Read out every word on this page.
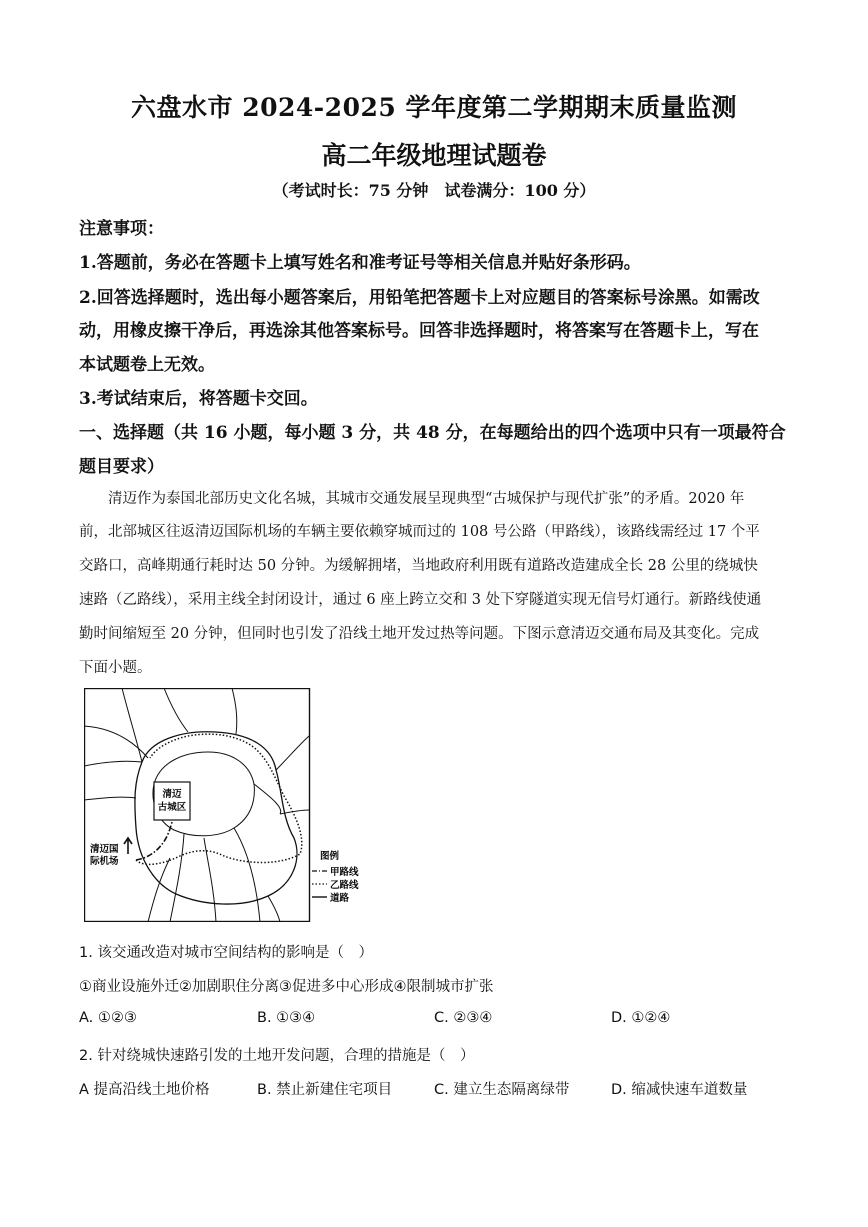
六盘水市 2024-2025 学年度第二学期期末质量监测
高二年级地理试题卷
（考试时长：75 分钟　试卷满分：100 分）
注意事项：
1.答题前，务必在答题卡上填写姓名和准考证号等相关信息并贴好条形码。
2.回答选择题时，选出每小题答案后，用铅笔把答题卡上对应题目的答案标号涂黑。如需改
动，用橡皮擦干净后，再选涂其他答案标号。回答非选择题时，将答案写在答题卡上，写在
本试题卷上无效。
3.考试结束后，将答题卡交回。
一、选择题（共 16 小题，每小题 3 分，共 48 分，在每题给出的四个选项中只有一项最符合
题目要求）
　　清迈作为泰国北部历史文化名城，其城市交通发展呈现典型“古城保护与现代扩张”的矛盾。2020 年
前，北部城区往返清迈国际机场的车辆主要依赖穿城而过的 108 号公路（甲路线），该路线需经过 17 个平
交路口，高峰期通行耗时达 50 分钟。为缓解拥堵，当地政府利用既有道路改造建成全长 28 公里的绕城快
速路（乙路线），采用主线全封闭设计，通过 6 座上跨立交和 3 处下穿隧道实现无信号灯通行。新路线使通
勤时间缩短至 20 分钟，但同时也引发了沿线土地开发过热等问题。下图示意清迈交通布局及其变化。完成
下面小题。
清迈
古城区
清迈国
际机场	图例
甲路线
乙路线
道路
1. 该交通改造对城市空间结构的影响是（　）
①商业设施外迁②加剧职住分离③促进多中心形成④限制城市扩张
A. ①②③	B. ①③④	C. ②③④	D. ①②④
2. 针对绕城快速路引发的土地开发问题，合理的措施是（　）
A 提高沿线土地价格	B. 禁止新建住宅项目	C. 建立生态隔离绿带	D. 缩减快速车道数量
